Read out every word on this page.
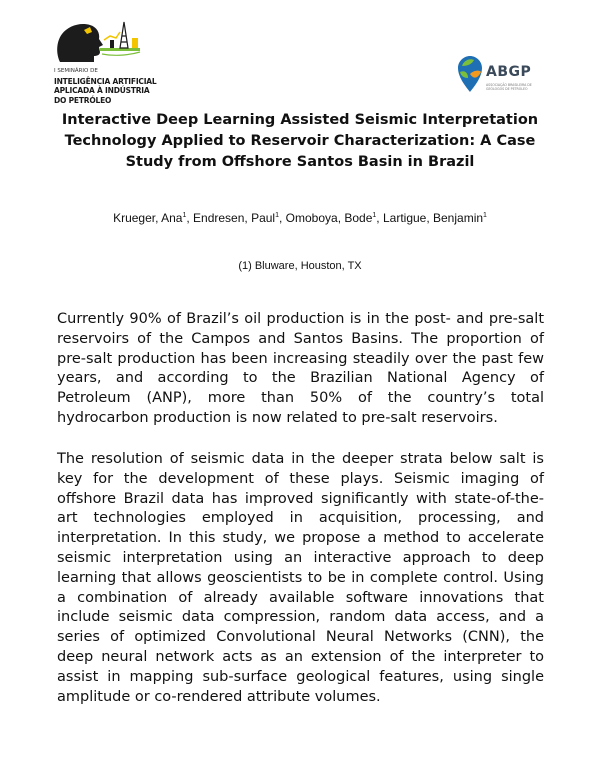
I SEMINÁRIO DE
INTELIGÊNCIA ARTIFICIAL
APLICADA À INDÚSTRIA
DO PETRÓLEO
ABGP
ASSOCIAÇÃO BRASILEIRA DE GEÓLOGOS DE PETRÓLEO
Interactive Deep Learning Assisted Seismic Interpretation Technology Applied to Reservoir Characterization: A Case Study from Offshore Santos Basin in Brazil
Krueger, Ana$^1$, Endresen, Paul$^1$, Omoboya, Bode$^1$, Lartigue, Benjamin$^1$
(1) Bluware, Houston, TX

Currently 90% of Brazil’s oil production is in the post- and pre-salt reservoirs of the Campos and Santos Basins. The proportion of pre-salt production has been increasing steadily over the past few years, and according to the Brazilian National Agency of Petroleum (ANP), more than 50% of the country’s total hydrocarbon production is now related to pre-salt reservoirs.

The resolution of seismic data in the deeper strata below salt is key for the development of these plays. Seismic imaging of offshore Brazil data has improved significantly with state-of-the-art technologies employed in acquisition, processing, and interpretation. In this study, we propose a method to accelerate seismic interpretation using an interactive approach to deep learning that allows geoscientists to be in complete control. Using a combination of already available software innovations that include seismic data compression, random data access, and a series of optimized Convolutional Neural Networks (CNN), the deep neural network acts as an extension of the interpreter to assist in mapping sub-surface geological features, using single amplitude or co-rendered attribute volumes.
